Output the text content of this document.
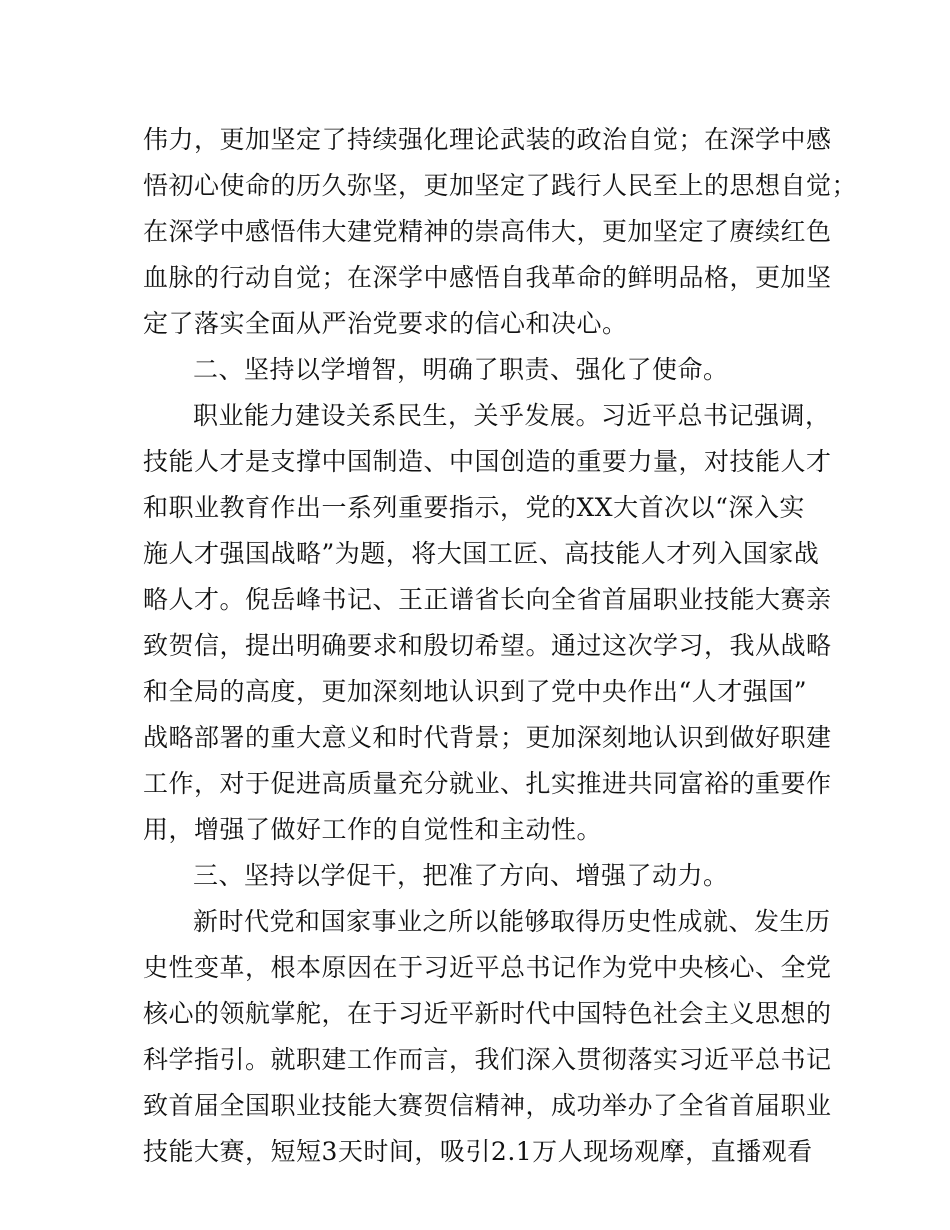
伟力，更加坚定了持续强化理论武装的政治自觉；在深学中感
悟初心使命的历久弥坚，更加坚定了践行人民至上的思想自觉；
在深学中感悟伟大建党精神的崇高伟大，更加坚定了赓续红色
血脉的行动自觉；在深学中感悟自我革命的鲜明品格，更加坚
定了落实全面从严治党要求的信心和决心。
二、坚持以学增智，明确了职责、强化了使命。
职业能力建设关系民生，关乎发展。习近平总书记强调，
技能人才是支撑中国制造、中国创造的重要力量，对技能人才
和职业教育作出一系列重要指示，党的XX大首次以“深入实
施人才强国战略”为题，将大国工匠、高技能人才列入国家战
略人才。倪岳峰书记、王正谱省长向全省首届职业技能大赛亲
致贺信，提出明确要求和殷切希望。通过这次学习，我从战略
和全局的高度，更加深刻地认识到了党中央作出“人才强国”
战略部署的重大意义和时代背景；更加深刻地认识到做好职建
工作，对于促进高质量充分就业、扎实推进共同富裕的重要作
用，增强了做好工作的自觉性和主动性。
三、坚持以学促干，把准了方向、增强了动力。
新时代党和国家事业之所以能够取得历史性成就、发生历
史性变革，根本原因在于习近平总书记作为党中央核心、全党
核心的领航掌舵，在于习近平新时代中国特色社会主义思想的
科学指引。就职建工作而言，我们深入贯彻落实习近平总书记
致首届全国职业技能大赛贺信精神，成功举办了全省首届职业
技能大赛，短短3天时间，吸引2.1万人现场观摩，直播观看
